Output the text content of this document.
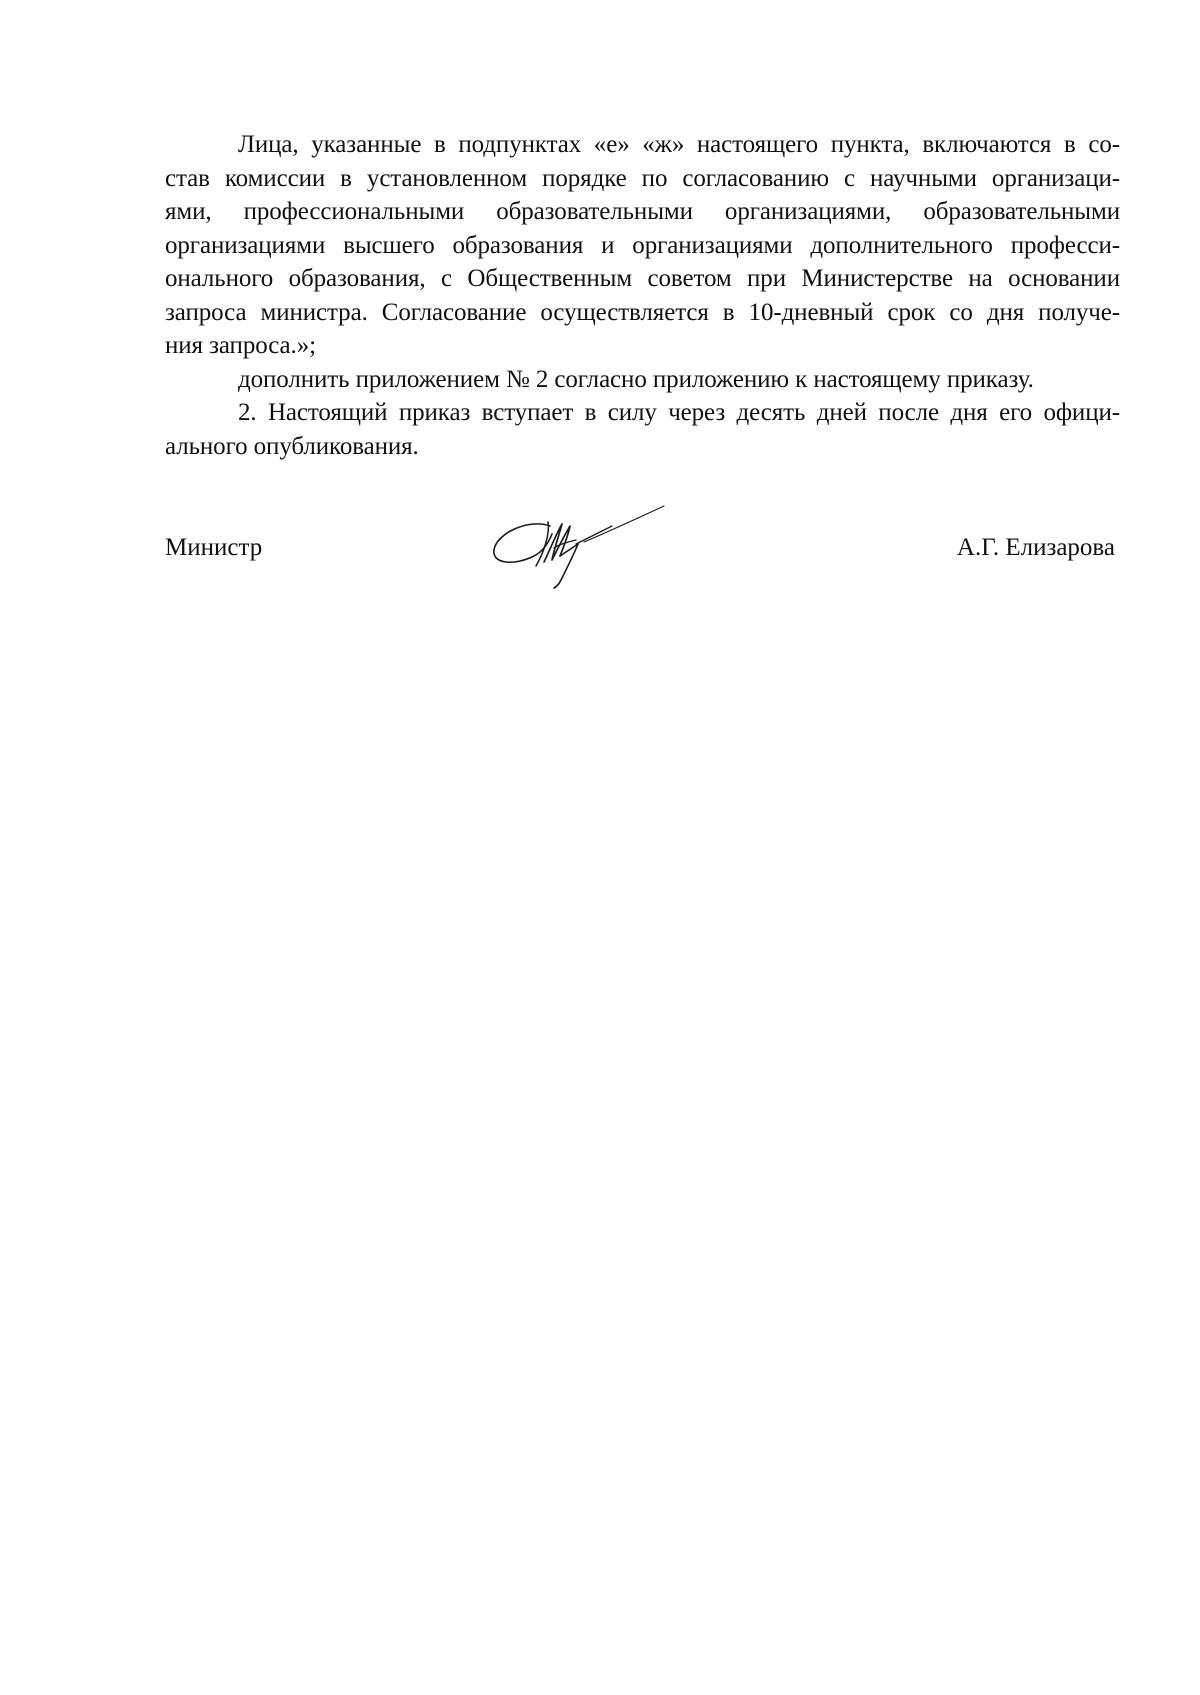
Лица, указанные в подпунктах «е» «ж» настоящего пункта, включаются в со-
став комиссии в установленном порядке по согласованию с научными организаци-
ями, профессиональными образовательными организациями, образовательными
организациями высшего образования и организациями дополнительного професси-
онального образования, с Общественным советом при Министерстве на основании
запроса министра. Согласование осуществляется в 10-дневный срок со дня получе-
ния запроса.»;
дополнить приложением № 2 согласно приложению к настоящему приказу.
2. Настоящий приказ вступает в силу через десять дней после дня его офици-
ального опубликования.
Министр	А.Г. Елизарова
